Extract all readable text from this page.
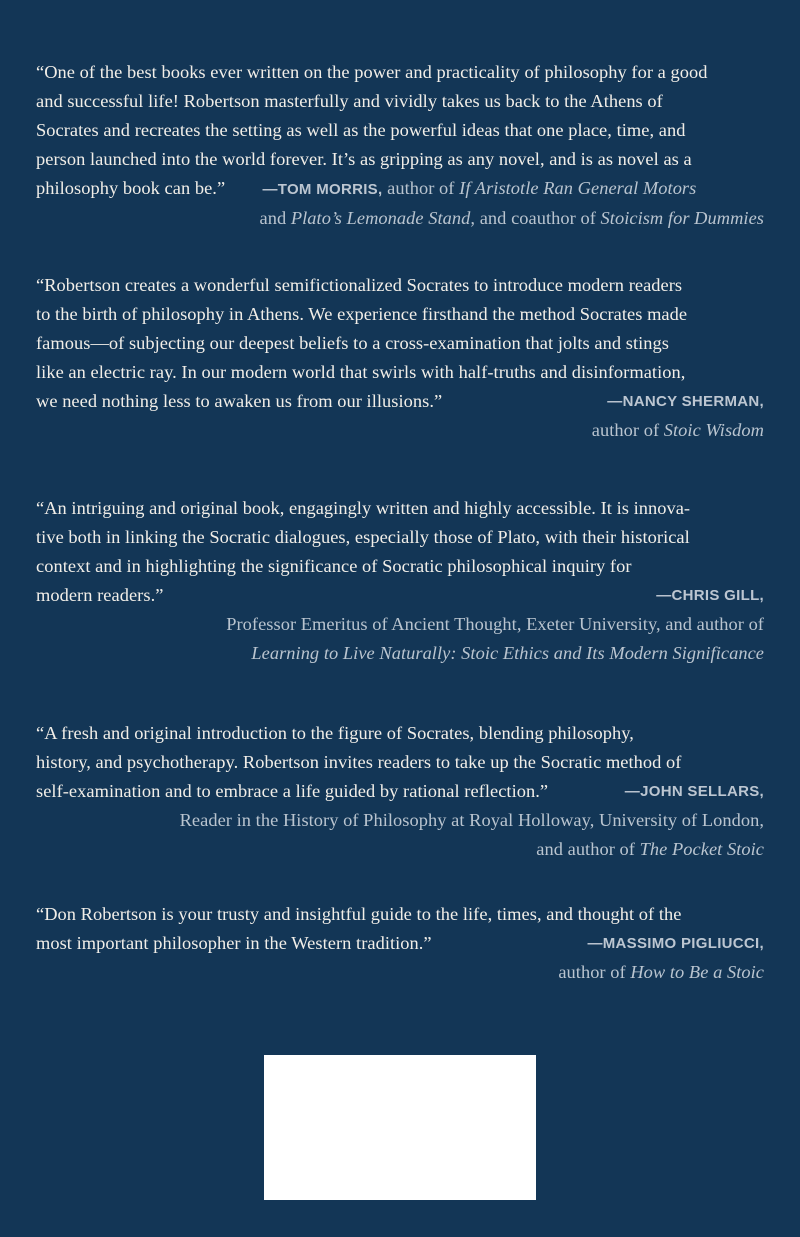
“One of the best books ever written on the power and practicality of philosophy for a good
and successful life! Robertson masterfully and vividly takes us back to the Athens of
Socrates and recreates the setting as well as the powerful ideas that one place, time, and
person launched into the world forever. It’s as gripping as any novel, and is as novel as a
philosophy book can be.” —TOM MORRIS, author of If Aristotle Ran General Motors
and Plato’s Lemonade Stand, and coauthor of Stoicism for Dummies
“Robertson creates a wonderful semifictionalized Socrates to introduce modern readers
to the birth of philosophy in Athens. We experience firsthand the method Socrates made
famous—of subjecting our deepest beliefs to a cross-examination that jolts and stings
like an electric ray. In our modern world that swirls with half-truths and disinformation,
we need nothing less to awaken us from our illusions.”	—NANCY SHERMAN,
author of Stoic Wisdom
“An intriguing and original book, engagingly written and highly accessible. It is innova-
tive both in linking the Socratic dialogues, especially those of Plato, with their historical
context and in highlighting the significance of Socratic philosophical inquiry for
modern readers.”	—CHRIS GILL,
Professor Emeritus of Ancient Thought, Exeter University, and author of
Learning to Live Naturally: Stoic Ethics and Its Modern Significance
“A fresh and original introduction to the figure of Socrates, blending philosophy,
history, and psychotherapy. Robertson invites readers to take up the Socratic method of
self-examination and to embrace a life guided by rational reflection.”	—JOHN SELLARS,
Reader in the History of Philosophy at Royal Holloway, University of London,
and author of The Pocket Stoic
“Don Robertson is your trusty and insightful guide to the life, times, and thought of the
most important philosopher in the Western tradition.”	—MASSIMO PIGLIUCCI,
author of How to Be a Stoic
